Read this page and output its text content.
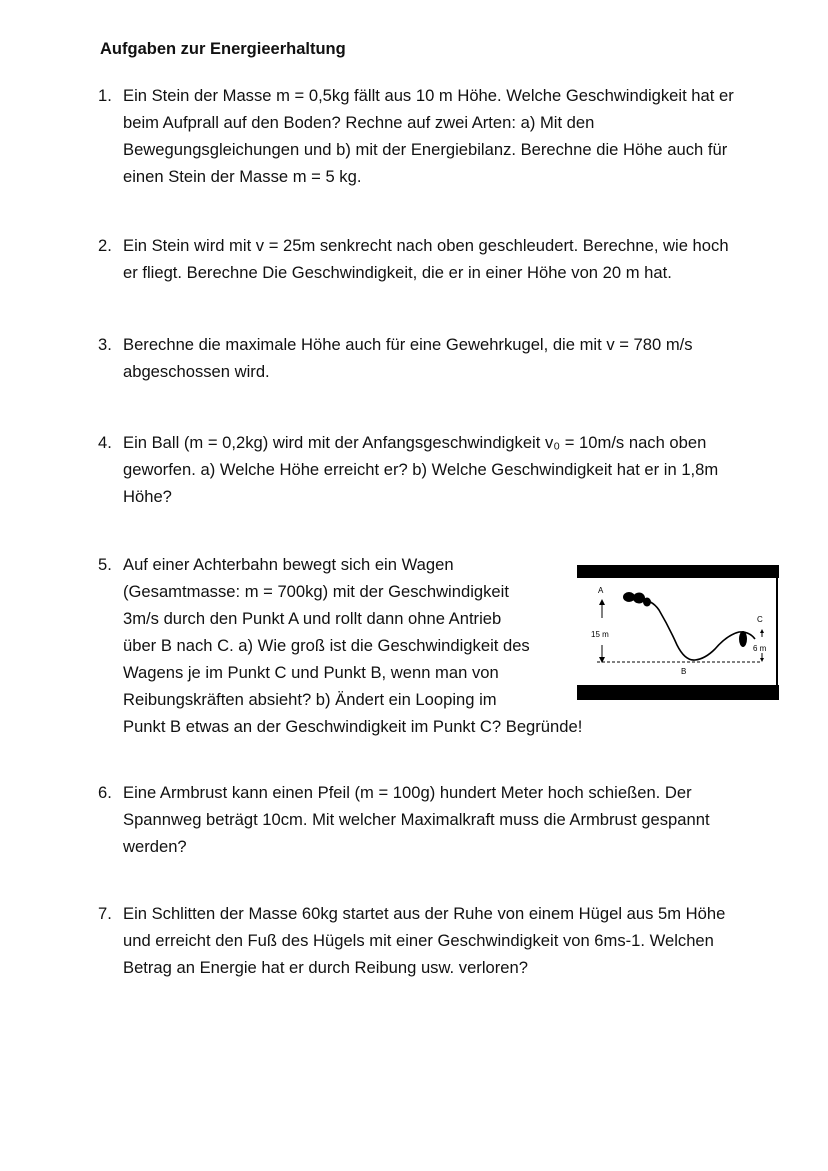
Aufgaben zur Energieerhaltung
1. Ein Stein der Masse m = 0,5kg fällt aus 10 m Höhe. Welche Geschwindigkeit hat er
beim Aufprall auf den Boden? Rechne auf zwei Arten: a) Mit den
Bewegungsgleichungen und b) mit der Energiebilanz. Berechne die Höhe auch für
einen Stein der Masse m = 5 kg.
2. Ein Stein wird mit v = 25m senkrecht nach oben geschleudert. Berechne, wie hoch
er fliegt. Berechne Die Geschwindigkeit, die er in einer Höhe von 20 m hat.
3. Berechne die maximale Höhe auch für eine Gewehrkugel, die mit v = 780 m/s
abgeschossen wird.
4. Ein Ball (m = 0,2kg) wird mit der Anfangsgeschwindigkeit v₀ = 10m/s nach oben
geworfen. a) Welche Höhe erreicht er? b) Welche Geschwindigkeit hat er in 1,8m
Höhe?
5. Auf einer Achterbahn bewegt sich ein Wagen
(Gesamtmasse: m = 700kg) mit der Geschwindigkeit
3m/s durch den Punkt A und rollt dann ohne Antrieb
über B nach C. a) Wie groß ist die Geschwindigkeit des
Wagens je im Punkt C und Punkt B, wenn man von
Reibungskräften absieht? b) Ändert ein Looping im
Punkt B etwas an der Geschwindigkeit im Punkt C? Begründe!
A
B
C
15 m
6 m
6. Eine Armbrust kann einen Pfeil (m = 100g) hundert Meter hoch schießen. Der
Spannweg beträgt 10cm. Mit welcher Maximalkraft muss die Armbrust gespannt
werden?
7. Ein Schlitten der Masse 60kg startet aus der Ruhe von einem Hügel aus 5m Höhe
und erreicht den Fuß des Hügels mit einer Geschwindigkeit von 6ms-1. Welchen
Betrag an Energie hat er durch Reibung usw. verloren?
